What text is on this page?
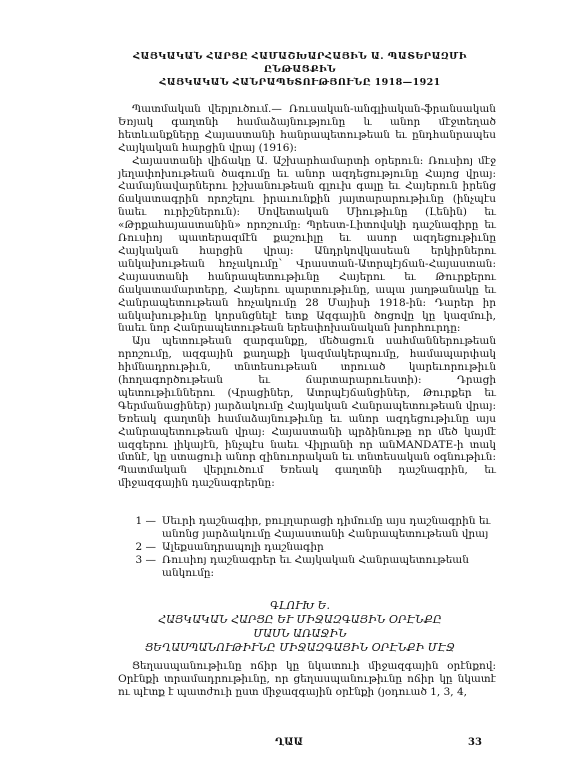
ՀԱՅԿԱԿԱՆ ՀԱՐՑԸ ՀԱՄԱՇԽԱՐՀԱՅԻՆ Ա. ՊԱՏԵՐԱԶՄԻ ԸՆԹԱՑՔԻՆ
ՀԱՅԿԱԿԱՆ ՀԱՆՐԱՊԵՏՈՒԹՅՈՒՆԸ 1918—1921

Պատմական վերլուծում.— Ռուսական-անգլիական-ֆրանսական Եռյակ գաղտնի համաձայնությունը և անոր մէջտեղած հետևանքները Հայաստանի հանրապետութեան եւ ընդհանրապես Հայկական հարցին վրայ (1916):

Հայաստանի վիճակը Ա. Աշխարհամարտի օրերուն: Ռուսիոյ մէջ յեղափոխութեան ծագումը եւ անոր ազդեցությունը Հայոց վրայ: Համայնավարներու իշխանութեան գլուխ գալը եւ Հայերուն իրենց ճակատագրին որոշելու իրաւունքին յայտարարութիւնը (ինչպէս նաեւ ուրիշներուն): Սովետական Միութիւնը (Լենին) եւ «Թրքահայաստանին» որոշումը: Պրեստ-Լիտովսկի դաշնագիրը եւ Ռուսիոյ պատերազմէն քաշուիլը եւ ասոր ազդեցութիւնը Հայկական հարցին վրայ: Անդրկովկասեան երկիրներու անկախութեան հռչակումը՝ Վրաստան-Ատրպէյճան-Հայաստան: Հայաստանի հանրապետութիւնը Հայերու եւ Թուրքերու ճակատամարտերը, Հայերու պարտութիւնը, ապա յաղթանակը եւ Հանրապետութեան հռչակումը 28 Մայիսի 1918-ին: Դարեր իր անկախութիւնը կորսնցնելէ ետք Ազգային ծոցովը կը կազմուի, նաեւ նոր Հանրապետութեան երեսփոխանական խորհուրդը:

Այս պետութեան զարգանքը, մեծացուն սահմաններութեան որոշումը, ազգային քաղաքի կազմակերպումը, համապարփակ հիմնադրութիւն, տնտեսութեան տրուած կարեւորութիւն (հողագործութեան եւ ճարտարարուեստի): Դրացի պետութիւններու (Վրացիներ, Ատրպէյճանցիներ, Թուրքեր եւ Գերմանացիներ) յարձակումը Հայկական Հանրապետութեան վրայ: Եռեակ գաղտնի համաձայնութիւնը եւ անոր ազդեցութիւնը այս Հանրապետութեան վրայ: Հայաստանի պրձինութը որ մեծ կայմէ ազգերու լիկայէն, ինչպէս նաեւ Վիլրանի որ անMANDATE-ի տակ մտնէ, կը ստացուի անոր զինուորական եւ տնտեսական օգնութիւն: Պատմական վերլուծում Եռեակ գաղտնի դաշնագրին, եւ միջազգային դաշնագրերնը:

1 — Սեւրի դաշնագիր, բուլղարացի դիմումը այս դաշնագրին եւ անոնց յարձակումը Հայաստանի Հանրապետութեան վրայ
2 — Ալեքսանդրապոլի դաշնագիր
3 — Ռուսիոյ դաշնագրեր եւ Հայկական Հանրապետութեան անկումը:
ԳԼՈՒԽ Ե.
ՀԱՅԿԱԿԱՆ ՀԱՐՑԸ ԵՒ ՄԻՋԱԶԳԱՅԻՆ ՕՐԷՆՔԸ
ՄԱՍՆ ԱՌԱՋԻՆ
ՑԵՂԱՍՊԱՆՈՒԹԻՒՆԸ ՄԻՋԱԶԳԱՅԻՆ ՕՐԷՆՔԻ ՄԷՋ

Ցեղասպանութիւնը ոճիր կը նկատուի միջազգային օրէնքով: Օրէնքի տրամադրութիւնը, որ ցեղասպանութիւնը ոճիր կը նկատէ ու պէտք է պատժուի ըստ միջազգային օրէնքի (յօդուած 1, 3, 4,

ՂԱԱ	33
